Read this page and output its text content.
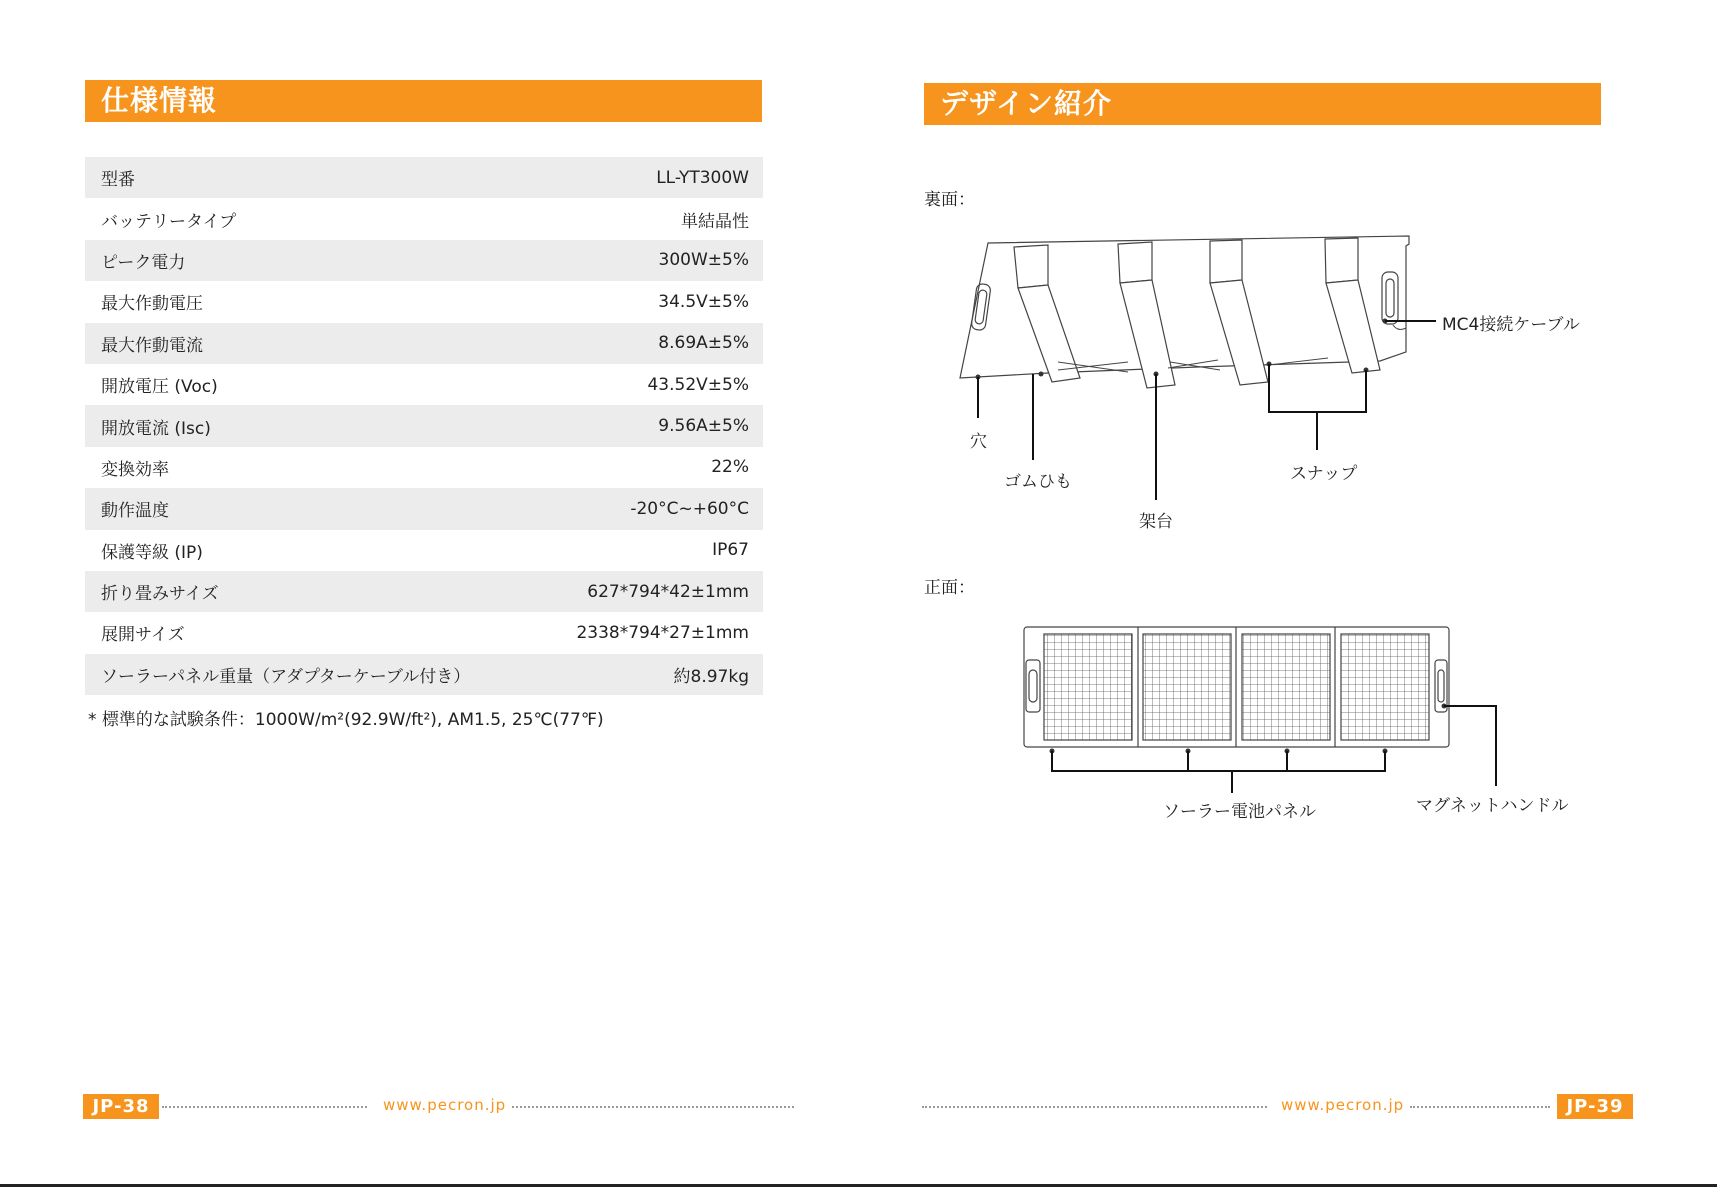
仕様情報
型番	LL-YT300W
バッテリータイプ	単結晶性
ピーク電力	300W±5%
最大作動電圧	34.5V±5%
最大作動電流	8.69A±5%
開放電圧 (Voc)	43.52V±5%
開放電流 (Isc)	9.56A±5%
変換効率	22%
動作温度	-20°C~+60°C
保護等級 (IP)	IP67
折り畳みサイズ	627*794*42±1mm
展開サイズ	2338*794*27±1mm
ソーラーパネル重量（アダプターケーブル付き）	約8.97kg
* 標準的な試験条件：1000W/m²(92.9W/ft²), AM1.5, 25℃(77℉)
JP-38	www.pecron.jp
デザイン紹介
裏面：
MC4接続ケーブル
穴
ゴムひも	スナップ
架台
正面：
ソーラー電池パネル	マグネットハンドル
www.pecron.jp	JP-39
